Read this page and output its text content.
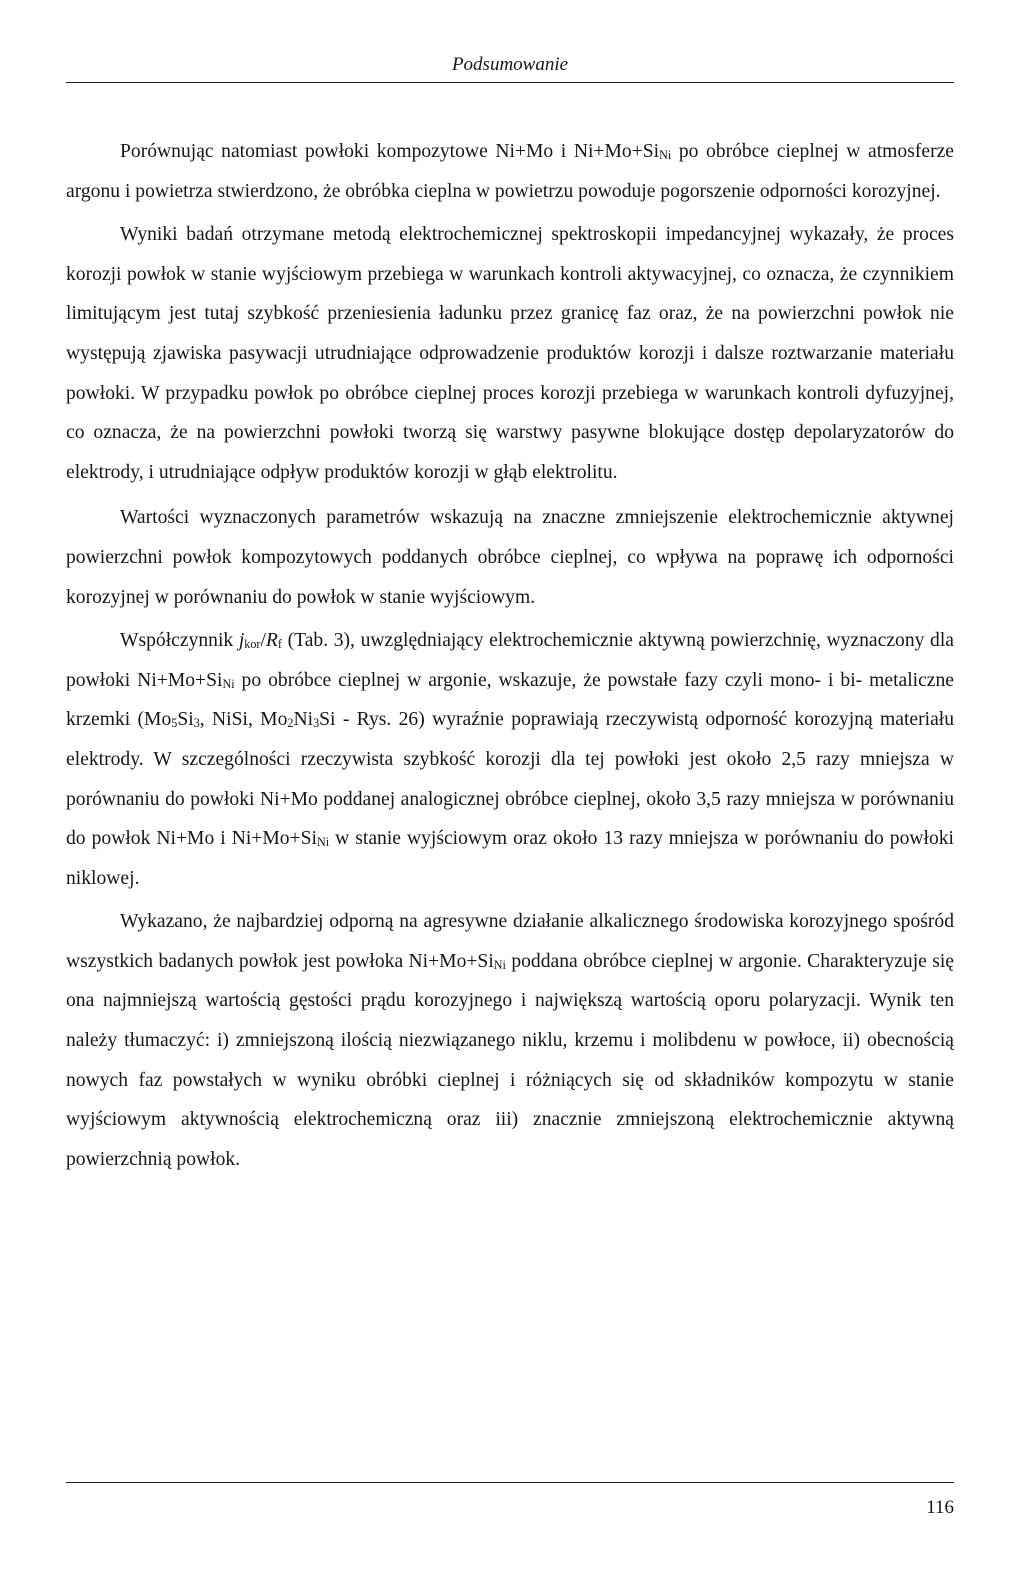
Podsumowanie

Porównując natomiast powłoki kompozytowe Ni+Mo i Ni+Mo+SiNi po obróbce cieplnej w atmosferze argonu i powietrza stwierdzono, że obróbka cieplna w powietrzu powoduje pogorszenie odporności korozyjnej.

Wyniki badań otrzymane metodą elektrochemicznej spektroskopii impedancyjnej wykazały, że proces korozji powłok w stanie wyjściowym przebiega w warunkach kontroli aktywacyjnej, co oznacza, że czynnikiem limitującym jest tutaj szybkość przeniesienia ładunku przez granicę faz oraz, że na powierzchni powłok nie występują zjawiska pasywacji utrudniające odprowadzenie produktów korozji i dalsze roztwarzanie materiału powłoki. W przypadku powłok po obróbce cieplnej proces korozji przebiega w warunkach kontroli dyfuzyjnej, co oznacza, że na powierzchni powłoki tworzą się warstwy pasywne blokujące dostęp depolaryzatorów do elektrody, i utrudniające odpływ produktów korozji w głąb elektrolitu.

Wartości wyznaczonych parametrów wskazują na znaczne zmniejszenie elektrochemicznie aktywnej powierzchni powłok kompozytowych poddanych obróbce cieplnej, co wpływa na poprawę ich odporności korozyjnej w porównaniu do powłok w stanie wyjściowym.

Współczynnik jkor/Rf (Tab. 3), uwzględniający elektrochemicznie aktywną powierzchnię, wyznaczony dla powłoki Ni+Mo+SiNi po obróbce cieplnej w argonie, wskazuje, że powstałe fazy czyli mono- i bi- metaliczne krzemki (Mo5Si3, NiSi, Mo2Ni3Si - Rys. 26) wyraźnie poprawiają rzeczywistą odporność korozyjną materiału elektrody. W szczególności rzeczywista szybkość korozji dla tej powłoki jest około 2,5 razy mniejsza w porównaniu do powłoki Ni+Mo poddanej analogicznej obróbce cieplnej, około 3,5 razy mniejsza w porównaniu do powłok Ni+Mo i Ni+Mo+SiNi w stanie wyjściowym oraz około 13 razy mniejsza w porównaniu do powłoki niklowej.

Wykazano, że najbardziej odporną na agresywne działanie alkalicznego środowiska korozyjnego spośród wszystkich badanych powłok jest powłoka Ni+Mo+SiNi poddana obróbce cieplnej w argonie. Charakteryzuje się ona najmniejszą wartością gęstości prądu korozyjnego i największą wartością oporu polaryzacji. Wynik ten należy tłumaczyć: i) zmniejszoną ilością niezwiązanego niklu, krzemu i molibdenu w powłoce, ii) obecnością nowych faz powstałych w wyniku obróbki cieplnej i różniących się od składników kompozytu w stanie wyjściowym aktywnością elektrochemiczną oraz iii) znacznie zmniejszoną elektrochemicznie aktywną powierzchnią powłok.

116
